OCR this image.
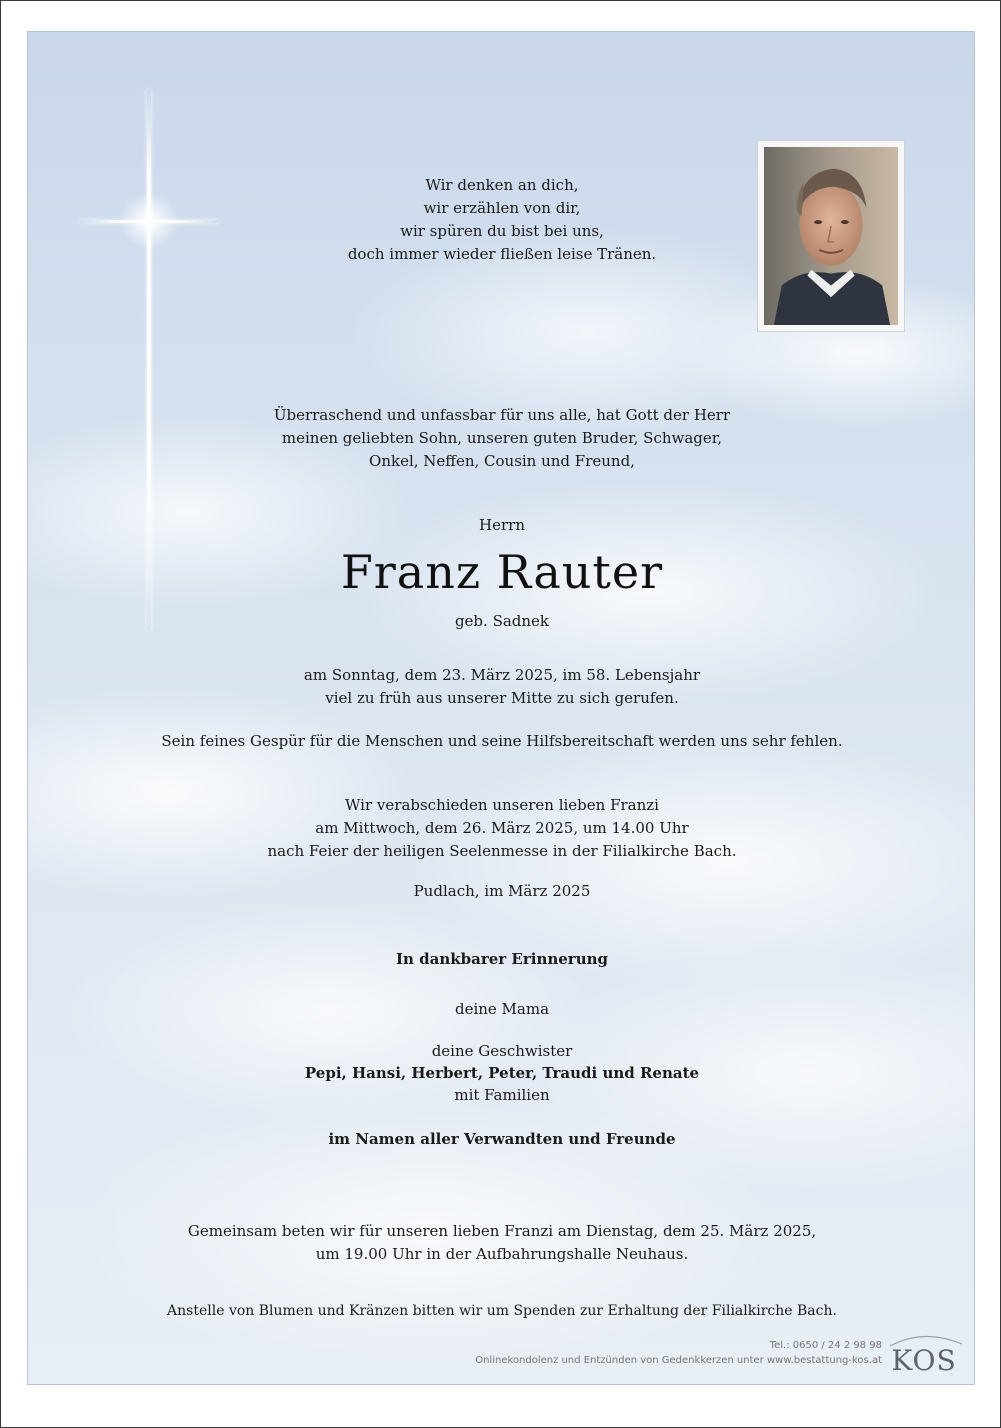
Wir denken an dich,
wir erzählen von dir,
wir spüren du bist bei uns,
doch immer wieder fließen leise Tränen.
Überraschend und unfassbar für uns alle, hat Gott der Herr
meinen geliebten Sohn, unseren guten Bruder, Schwager,
Onkel, Neffen, Cousin und Freund,
Herrn
Franz Rauter
geb. Sadnek
am Sonntag, dem 23. März 2025, im 58. Lebensjahr
viel zu früh aus unserer Mitte zu sich gerufen.
Sein feines Gespür für die Menschen und seine Hilfsbereitschaft werden uns sehr fehlen.
Wir verabschieden unseren lieben Franzi
am Mittwoch, dem 26. März 2025, um 14.00 Uhr
nach Feier der heiligen Seelenmesse in der Filialkirche Bach.
Pudlach, im März 2025
In dankbarer Erinnerung
deine Mama
deine Geschwister
Pepi, Hansi, Herbert, Peter, Traudi und Renate
mit Familien
im Namen aller Verwandten und Freunde
Gemeinsam beten wir für unseren lieben Franzi am Dienstag, dem 25. März 2025,
um 19.00 Uhr in der Aufbahrungshalle Neuhaus.
Anstelle von Blumen und Kränzen bitten wir um Spenden zur Erhaltung der Filialkirche Bach.
Tel.: 0650 / 24 2 98 98
Onlinekondolenz und Entzünden von Gedenkkerzen unter www.bestattung-kos.at KOS
